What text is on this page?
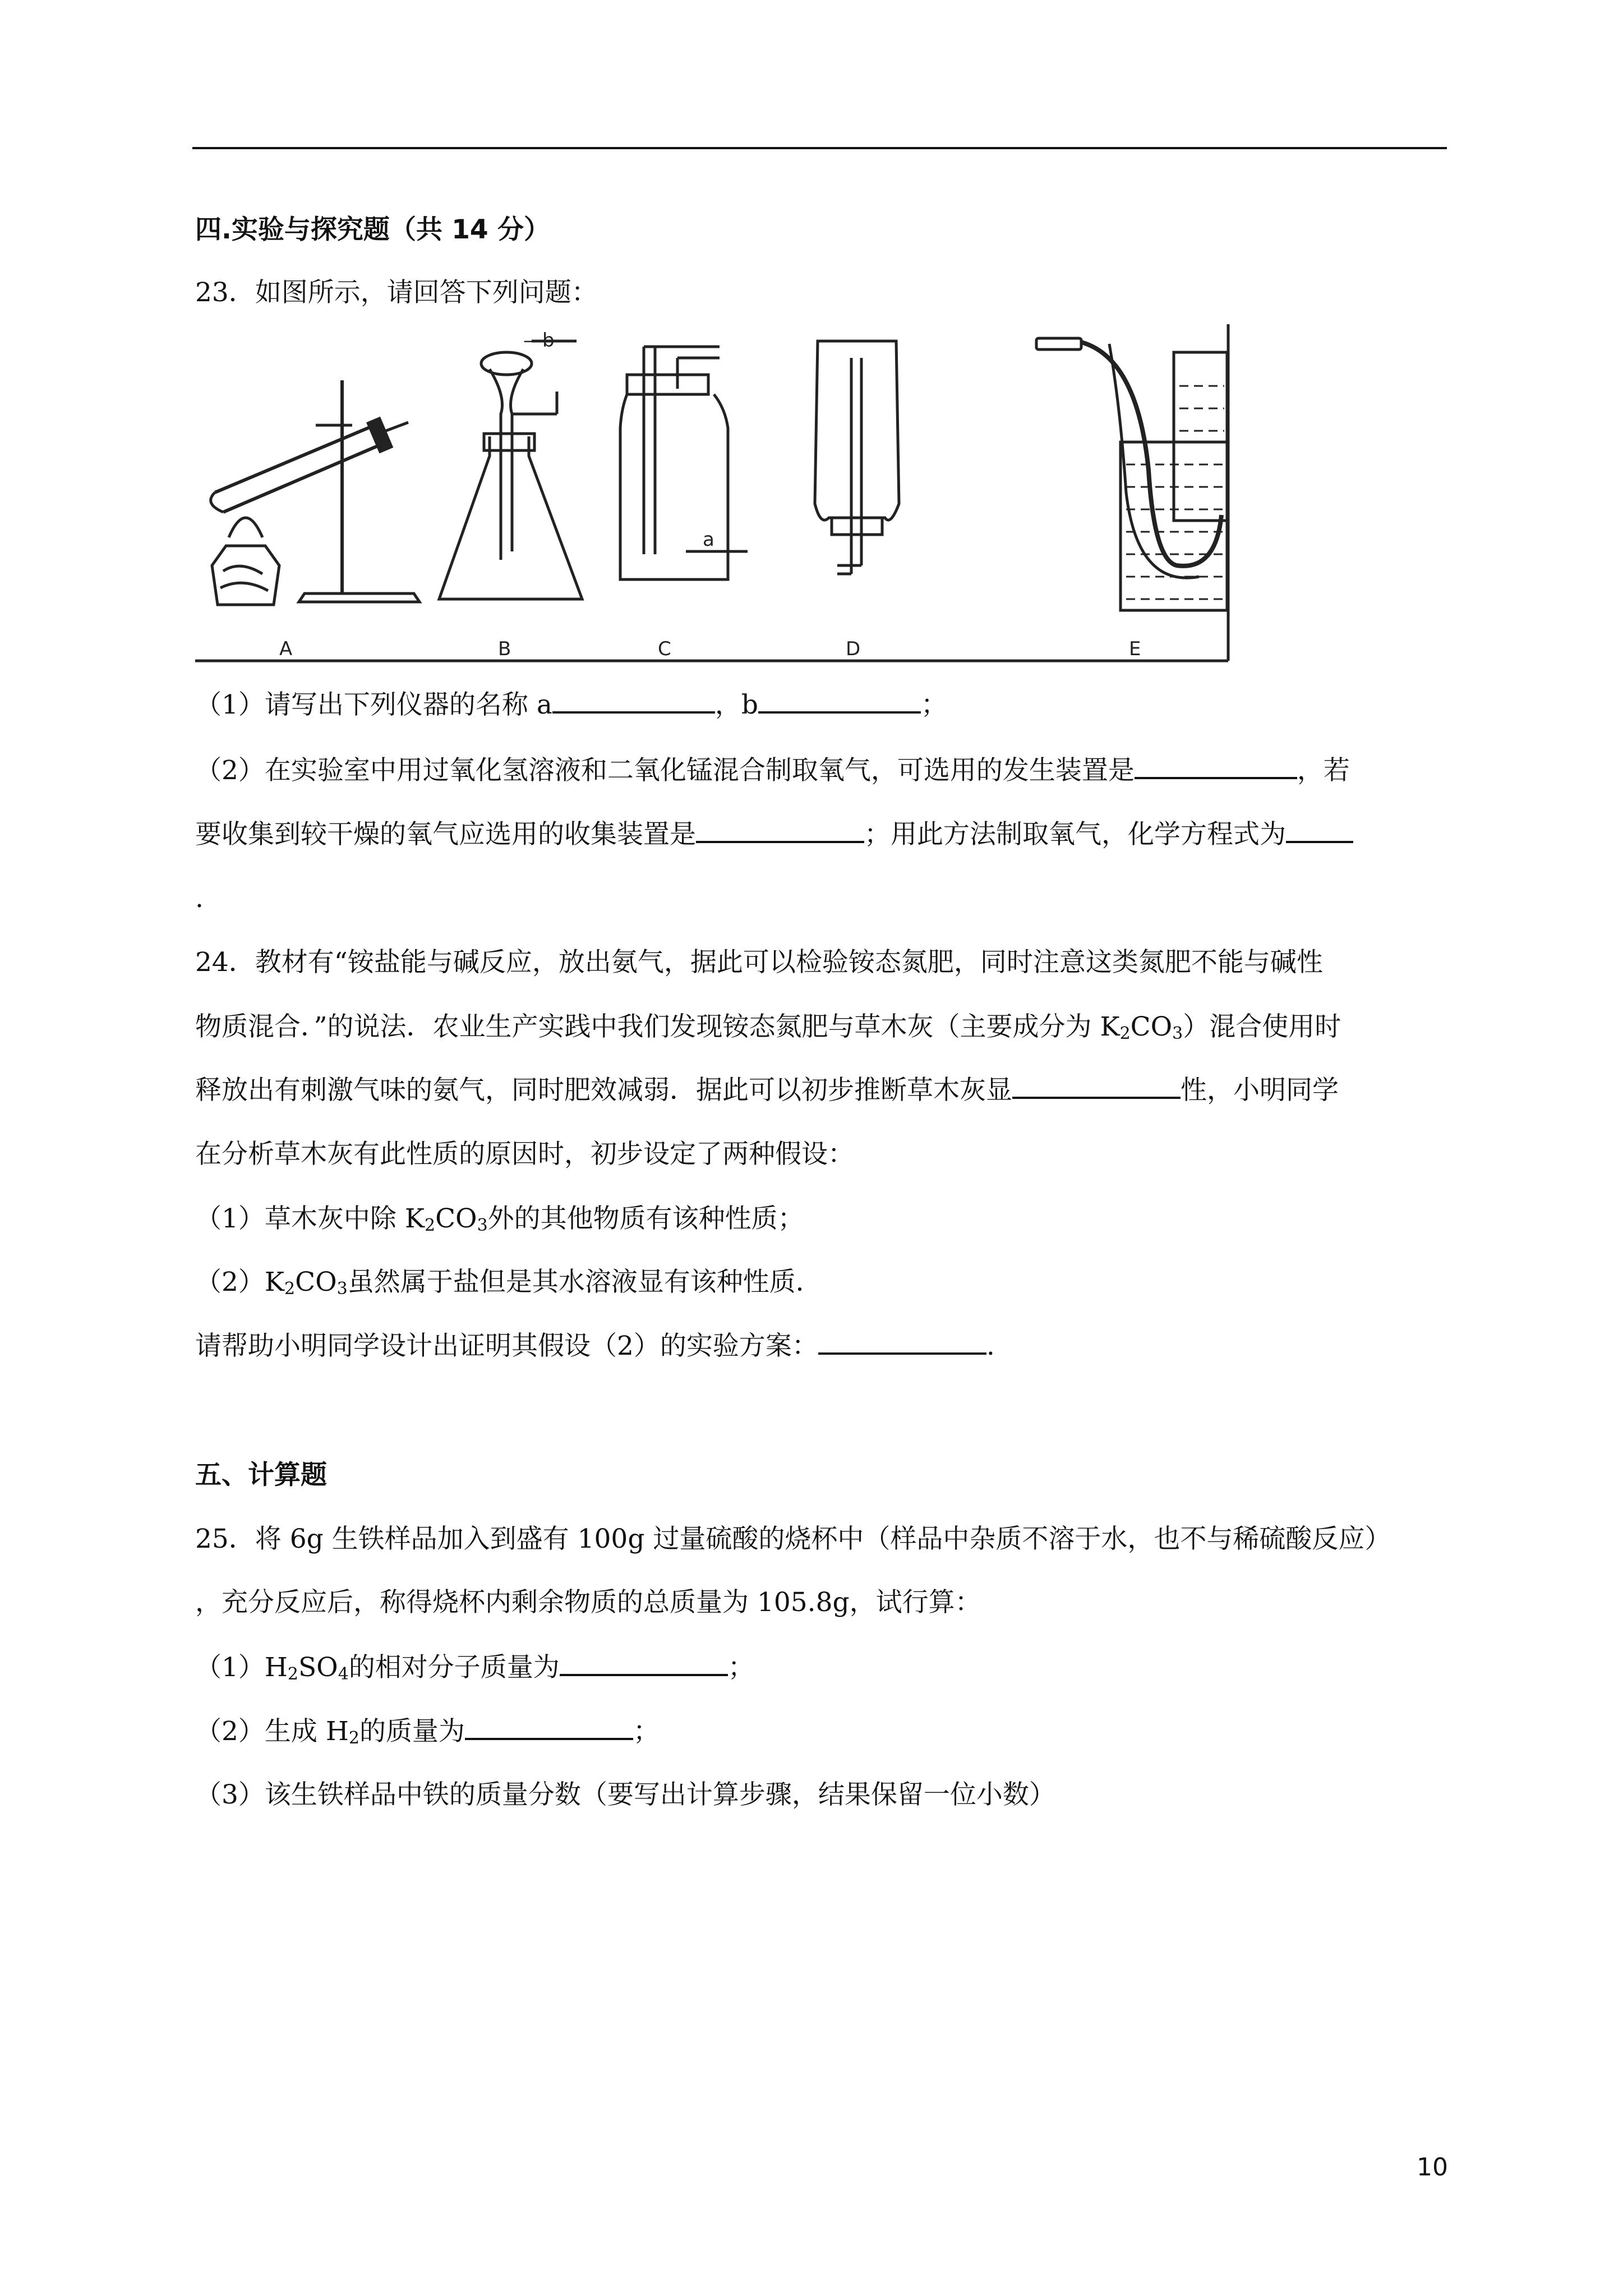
四.实验与探究题（共 14 分）
23．如图所示，请回答下列问题：
a
—b
A	B	C	D	E
（1）请写出下列仪器的名称 a	，b	；
（2）在实验室中用过氧化氢溶液和二氧化锰混合制取氧气，可选用的发生装置是	，若
要收集到较干燥的氧气应选用的收集装置是	；用此方法制取氧气，化学方程式为
.
24．教材有“铵盐能与碱反应，放出氨气，据此可以检验铵态氮肥，同时注意这类氮肥不能与碱性
物质混合．”的说法．农业生产实践中我们发现铵态氮肥与草木灰（主要成分为 $K_2CO_3$）混合使用时
释放出有刺激气味的氨气，同时肥效减弱．据此可以初步推断草木灰显	性，小明同学
在分析草木灰有此性质的原因时，初步设定了两种假设：
（1）草木灰中除 $K_2CO_3$外的其他物质有该种性质；
$(2)K_2CO_3$虽然属于盐但是其水溶液显有该种性质．
请帮助小明同学设计出证明其假设（2）的实验方案：	.
五、计算题
25．将 6g 生铁样品加入到盛有 100g 过量硫酸的烧杯中（样品中杂质不溶于水，也不与稀硫酸反应）
，充分反应后，称得烧杯内剩余物质的总质量为 105.8g，试行算：
$(1)H_2SO_4$的相对分子质量为	；
（2）生成 $H_2$的质量为	；
（3）该生铁样品中铁的质量分数（要写出计算步骤，结果保留一位小数）
10
